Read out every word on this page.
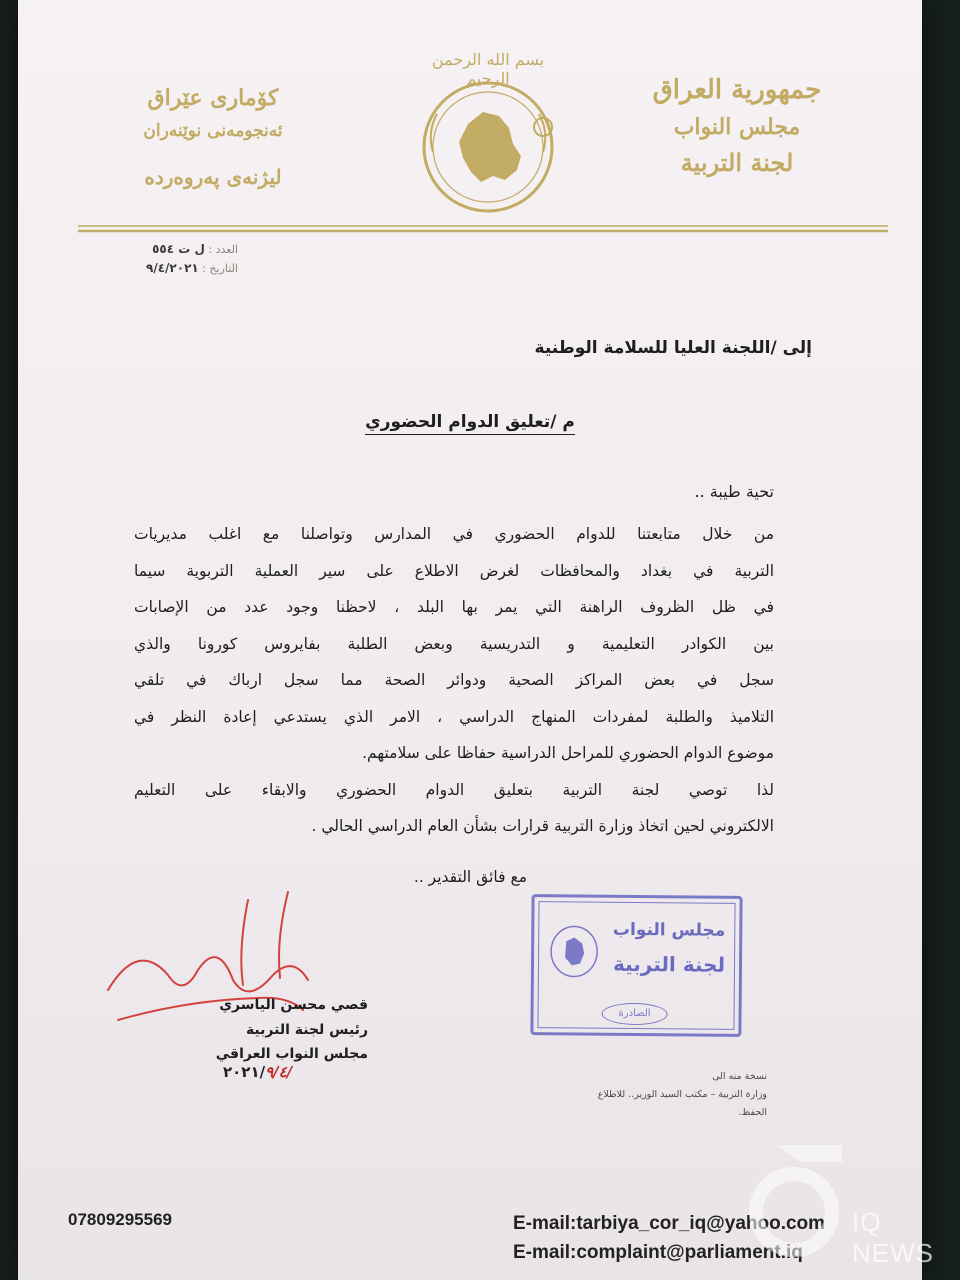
جمهورية العراق
مجلس النواب
لجنة التربية
كۆماری عێراق
ئەنجومەنی نوێنەران
لیژنەی پەروەردە
بسم الله الرحمن الرحيم
العدد : ل ت ٥٥٤
التاريخ : ٩/٤/٢٠٢١
إلى /اللجنة العليا للسلامة الوطنية
م /تعليق الدوام الحضوري
تحية طيبة ..
من خلال متابعتنا للدوام الحضوري في المدارس وتواصلنا مع اغلب مديريات
التربية في بغداد والمحافظات لغرض الاطلاع على سير العملية التربوية سيما
في ظل الظروف الراهنة التي يمر بها البلد ، لاحظنا وجود عدد من الإصابات
بين الكوادر التعليمية و التدريسية وبعض الطلبة بفايروس كورونا والذي
سجل في بعض المراكز الصحية ودوائر الصحة مما سجل ارباك في تلقي
التلاميذ والطلبة لمفردات المنهاج الدراسي ، الامر الذي يستدعي إعادة النظر في
موضوع الدوام الحضوري للمراحل الدراسية حفاظا على سلامتهم.
لذا توصي لجنة التربية بتعليق الدوام الحضوري والابقاء على التعليم
الالكتروني لحين اتخاذ وزارة التربية قرارات بشأن العام الدراسي الحالي .
مع فائق التقدير ..
قصي محسن الياسري
رئيس لجنة التربية
مجلس النواب العراقي
٢٠٢١/٩/٤/
مجلس النواب
لجنة التربية
الصادرة
نسخة منه الى
وزارة التربية – مكتب السيد الوزير.. للاطلاع
الحفظ.
07809295569	E-mail:tarbiya_cor_iq@yahoo.com
E-mail:complaint@parliament.iq
IQ NEWS
